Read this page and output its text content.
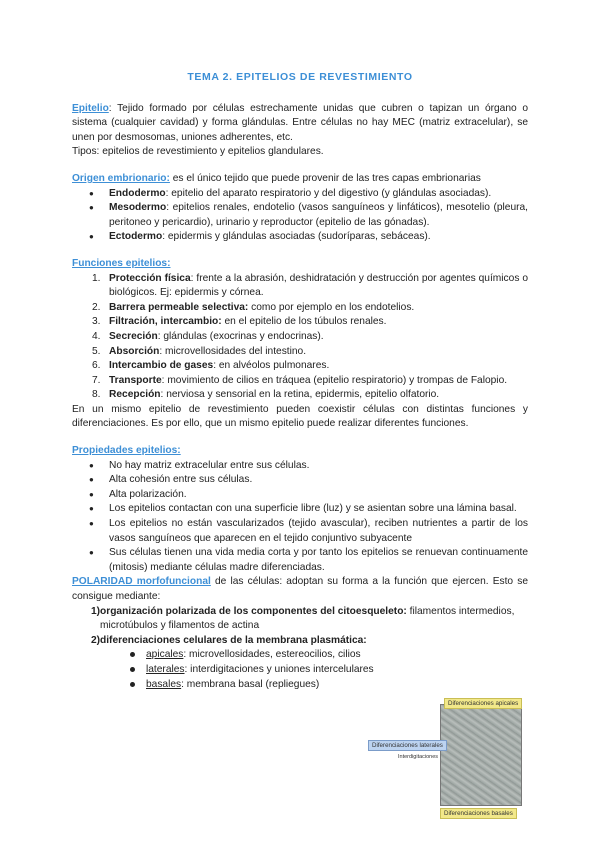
TEMA 2. EPITELIOS DE REVESTIMIENTO

Epitelio: Tejido formado por células estrechamente unidas que cubren o tapizan un órgano o sistema (cualquier cavidad) y forma glándulas. Entre células no hay MEC (matriz extracelular), se unen por desmosomas, uniones adherentes, etc.

Tipos: epitelios de revestimiento y epitelios glandulares.

Origen embrionario: es el único tejido que puede provenir de las tres capas embrionarias

● Endodermo: epitelio del aparato respiratorio y del digestivo (y glándulas asociadas).
● Mesodermo: epitelios renales, endotelio (vasos sanguíneos y linfáticos), mesotelio (pleura, peritoneo y pericardio), urinario y reproductor (epitelio de las gónadas).
● Ectodermo: epidermis y glándulas asociadas (sudoríparas, sebáceas).

Funciones epitelios:

1. Protección física: frente a la abrasión, deshidratación y destrucción por agentes químicos o biológicos. Ej: epidermis y córnea.
2. Barrera permeable selectiva: como por ejemplo en los endotelios.
3. Filtración, intercambio: en el epitelio de los túbulos renales.
4. Secreción: glándulas (exocrinas y endocrinas).
5. Absorción: microvellosidades del intestino.
6. Intercambio de gases: en alvéolos pulmonares.
7. Transporte: movimiento de cilios en tráquea (epitelio respiratorio) y trompas de Falopio.
8. Recepción: nerviosa y sensorial en la retina, epidermis, epitelio olfatorio.

En un mismo epitelio de revestimiento pueden coexistir células con distintas funciones y diferenciaciones. Es por ello, que un mismo epitelio puede realizar diferentes funciones.

Propiedades epitelios:

● No hay matriz extracelular entre sus células.
● Alta cohesión entre sus células.
● Alta polarización.
● Los epitelios contactan con una superficie libre (luz) y se asientan sobre una lámina basal.
● Los epitelios no están vascularizados (tejido avascular), reciben nutrientes a partir de los vasos sanguíneos que aparecen en el tejido conjuntivo subyacente
● Sus células tienen una vida media corta y por tanto los epitelios se renuevan continuamente (mitosis) mediante células madre diferenciadas.

POLARIDAD morfofuncional de las células: adoptan su forma a la función que ejercen. Esto se consigue mediante:

1) organización polarizada de los componentes del citoesqueleto: filamentos intermedios, microtúbulos y filamentos de actina
2) diferenciaciones celulares de la membrana plasmática:
apicales: microvellosidades, estereocilios, cilios
laterales: interdigitaciones y uniones intercelulares
basales: membrana basal (repliegues)
Diferenciaciones apicales
Diferenciaciones laterales
Interdigitaciones
Diferenciaciones basales
